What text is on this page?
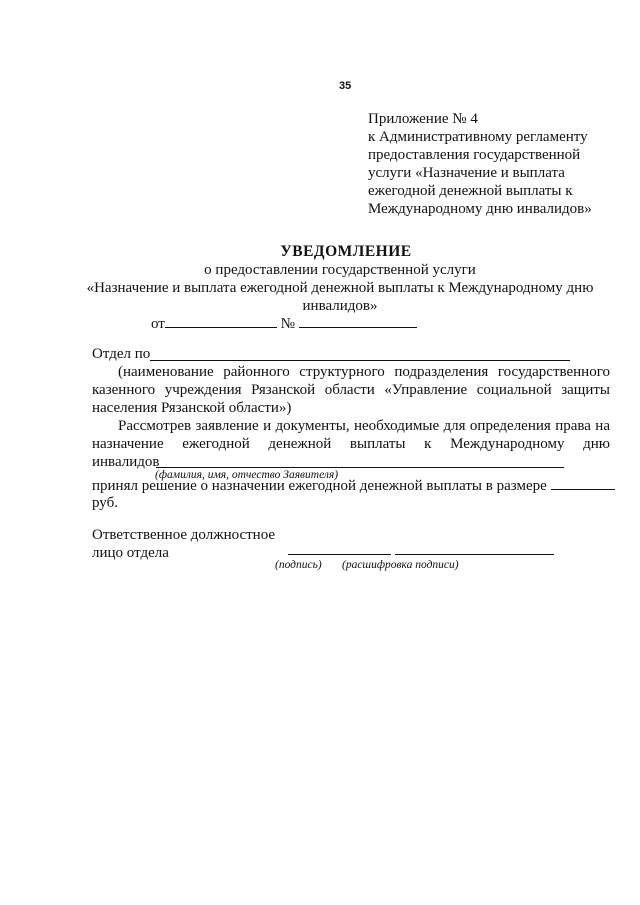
35
Приложение № 4
к Административному регламенту
предоставления государственной
услуги «Назначение и выплата
ежегодной денежной выплаты к
Международному дню инвалидов»
УВЕДОМЛЕНИЕ
о предоставлении государственной услуги
«Назначение и выплата ежегодной денежной выплаты к Международному дню
инвалидов»
от	№
Отдел по
(наименование районного структурного подразделения государственного
казенного учреждения Рязанской области «Управление социальной защиты
населения Рязанской области»)
Рассмотрев заявление и документы, необходимые для определения права на
назначение ежегодной денежной выплаты к Международному дню
инвалидов
(фамилия, имя, отчество Заявителя)
принял решение о назначении ежегодной денежной выплаты в размере
руб.
Ответственное должностное
лицо отдела
(подпись) (расшифровка подписи)
